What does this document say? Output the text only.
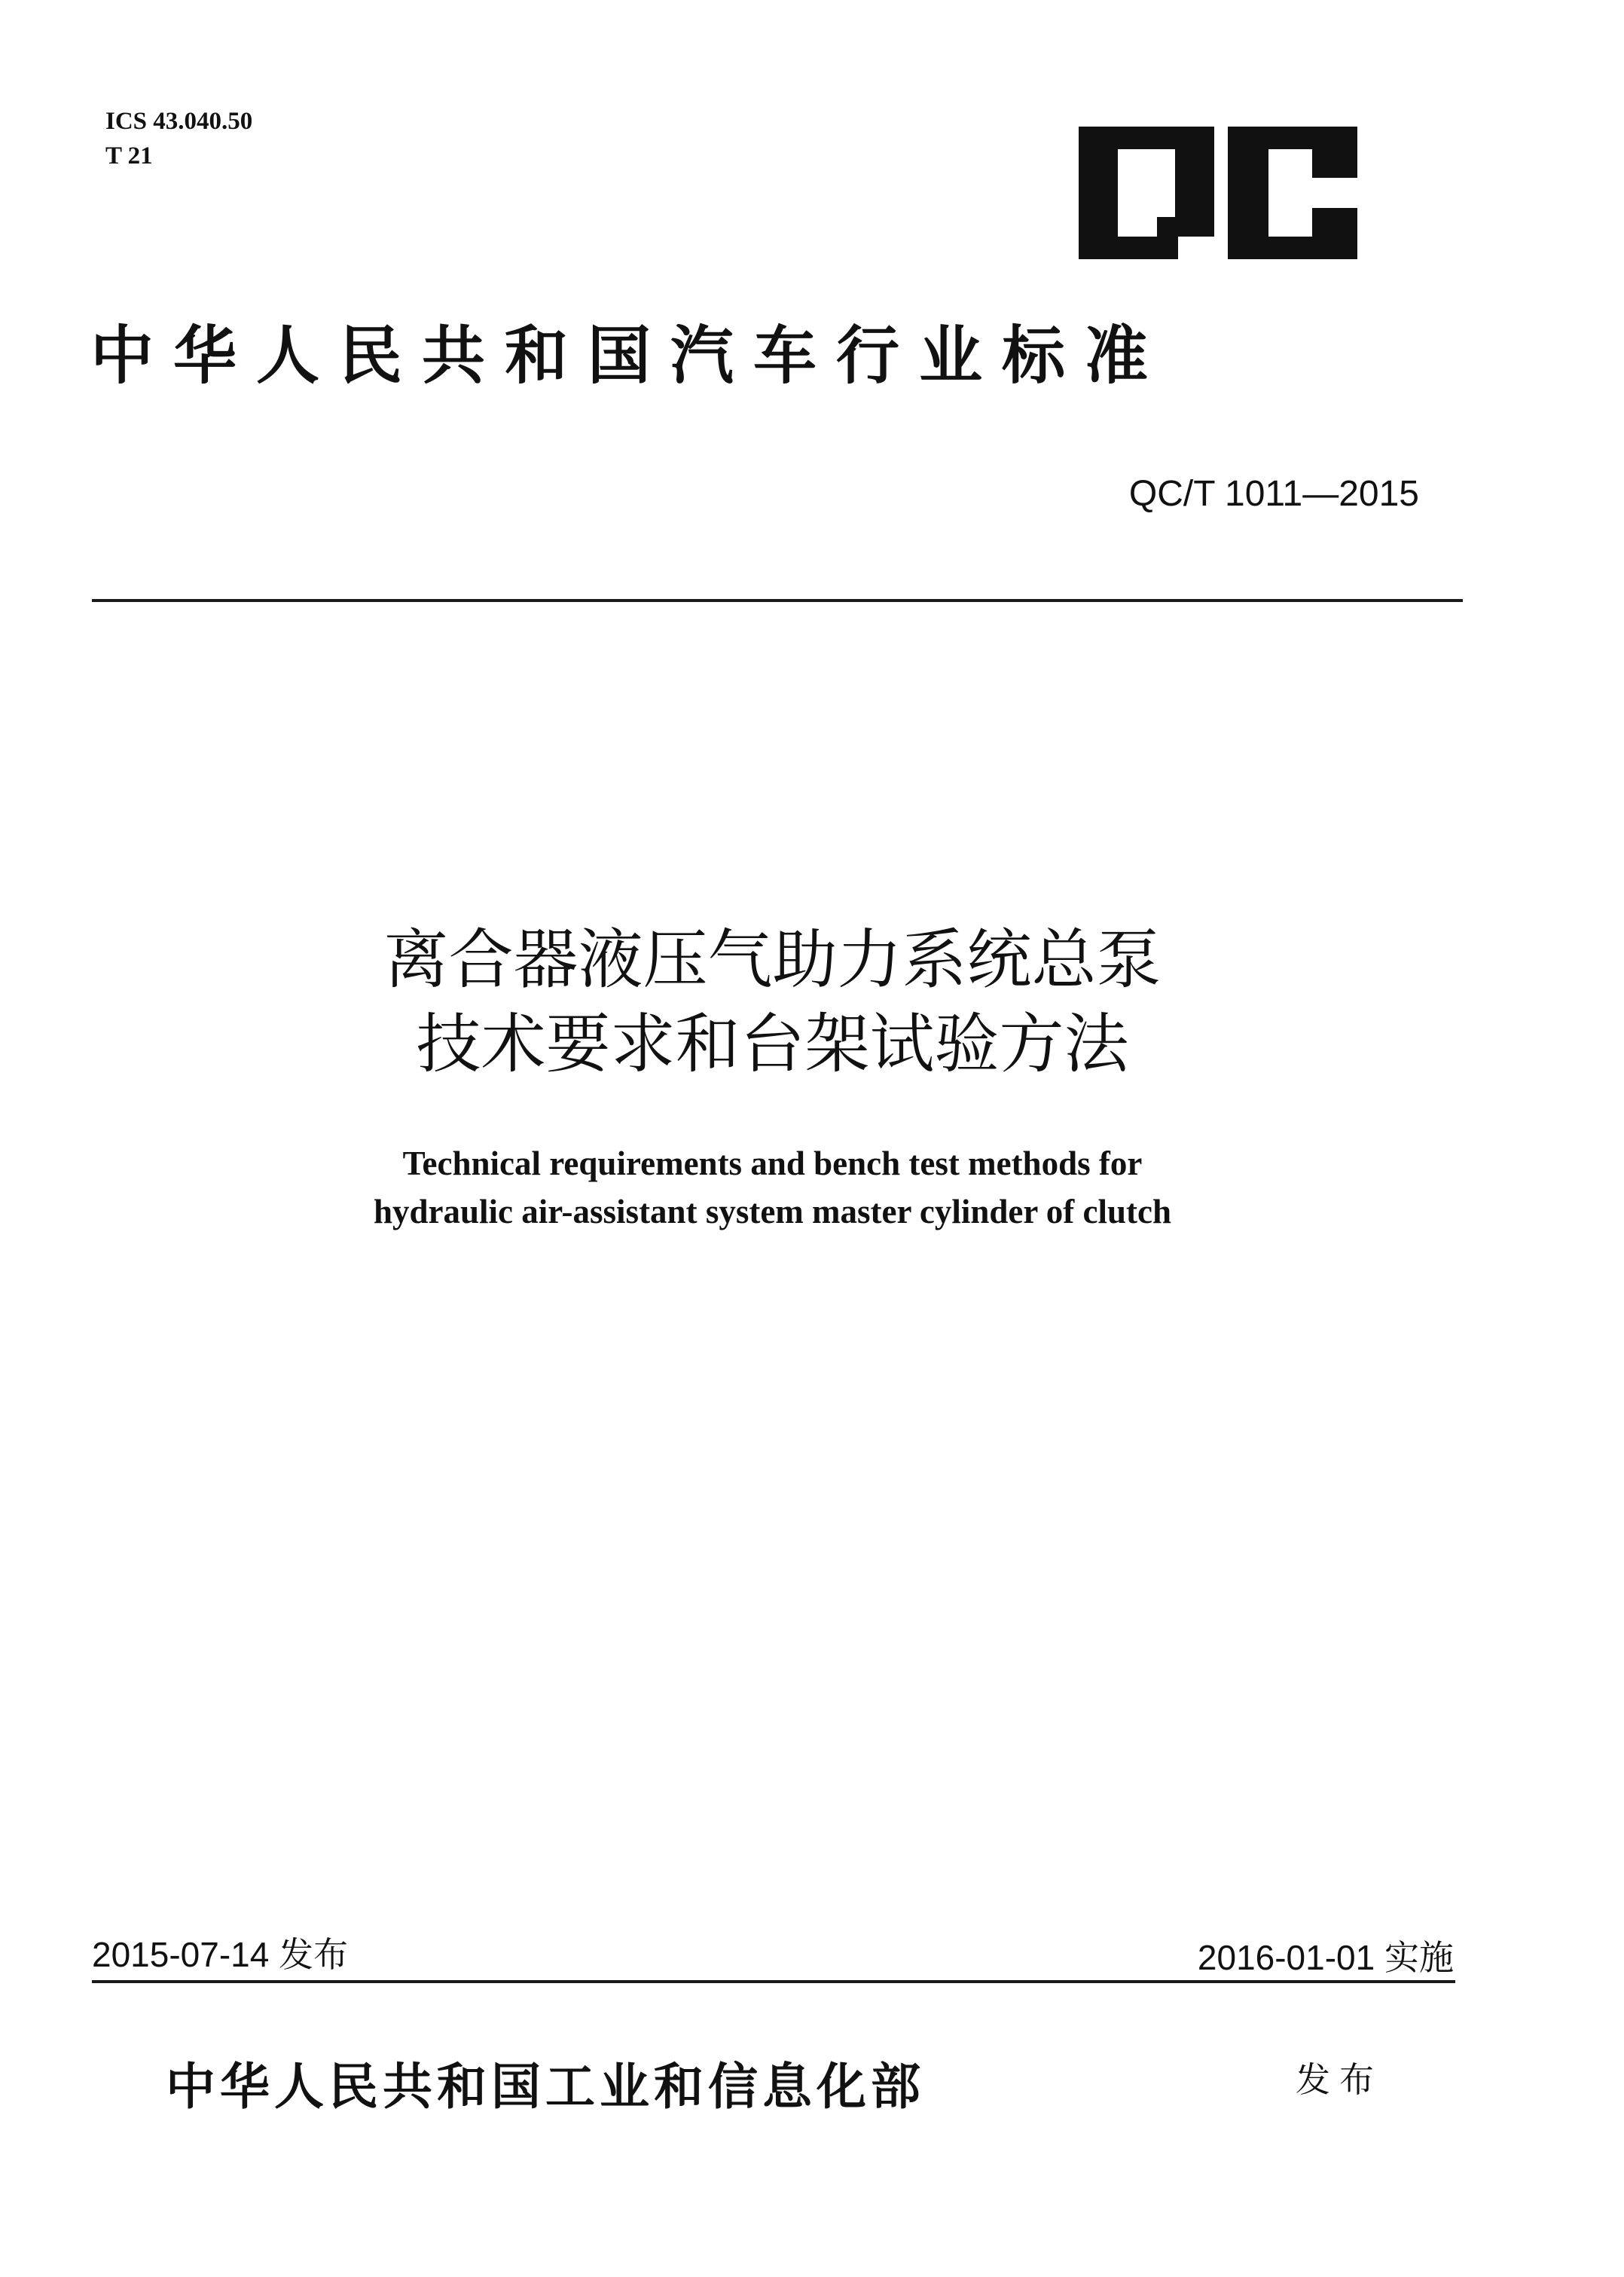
ICS 43.040.50
T 21
中华人民共和国汽车行业标准
QC/T 1011—2015
离合器液压气助力系统总泵
技术要求和台架试验方法
Technical requirements and bench test methods for
hydraulic air-assistant system master cylinder of clutch
2015-07-14 发布	2016-01-01 实施
中华人民共和国工业和信息化部	发布
